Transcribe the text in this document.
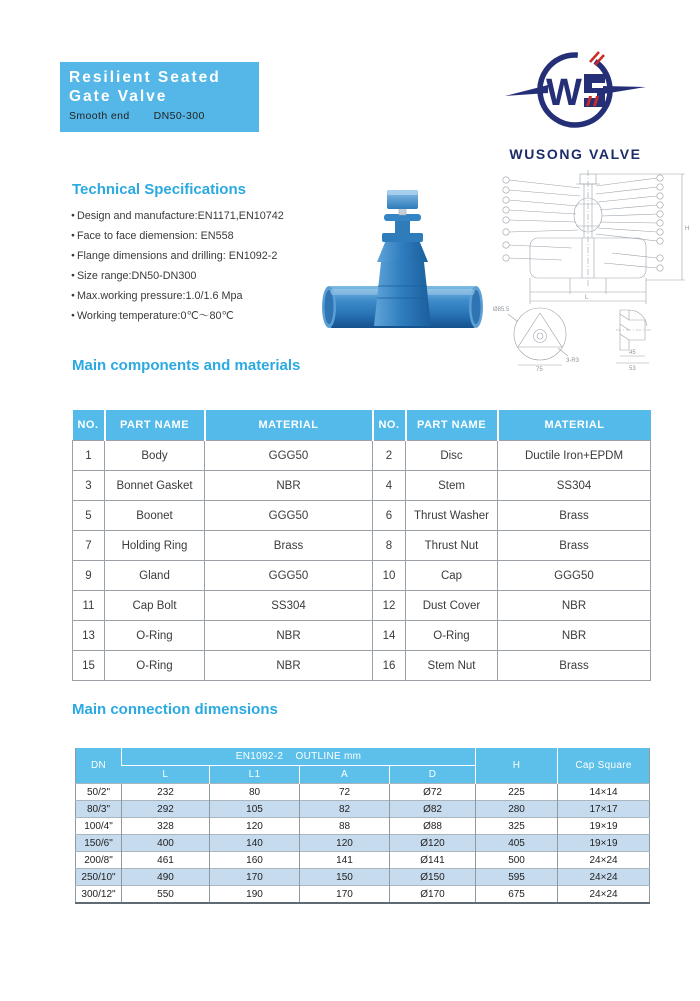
Resilient Seated
Gate Valve
Smooth end DN50-300
W
WUSONG VALVE
Technical Specifications
● Design and manufacture:EN1171,EN10742
● Face to face diemension: EN558
● Flange dimensions and drilling: EN1092-2
● Size range:DN50-DN300
● Max.working pressure:1.0/1.6 Mpa
● Working temperature:0℃～80℃	Ø85.5
3-R3
75
45
53
L
H
Main components and materials
NO.	PART NAME	MATERIAL	NO.	PART NAME	MATERIAL
1	Body	GGG50	2	Disc	Ductile Iron+EPDM
3	Bonnet Gasket	NBR	4	Stem	SS304
5	Boonet	GGG50	6	Thrust Washer	Brass
7	Holding Ring	Brass	8	Thrust Nut	Brass
9	Gland	GGG50	10	Cap	GGG50
11	Cap Bolt	SS304	12	Dust Cover	NBR
13	O-Ring	NBR	14	O-Ring	NBR
15	O-Ring	NBR	16	Stem Nut	Brass
Main connection dimensions
DN	EN1092-2    OUTLINE mm				H	Cap Square
	L	L1	A	D		
50/2"	232	80	72	Ø72	225	14×14
80/3"	292	105	82	Ø82	280	17×17
100/4"	328	120	88	Ø88	325	19×19
150/6"	400	140	120	Ø120	405	19×19
200/8"	461	160	141	Ø141	500	24×24
250/10"	490	170	150	Ø150	595	24×24
300/12"	550	190	170	Ø170	675	24×24
